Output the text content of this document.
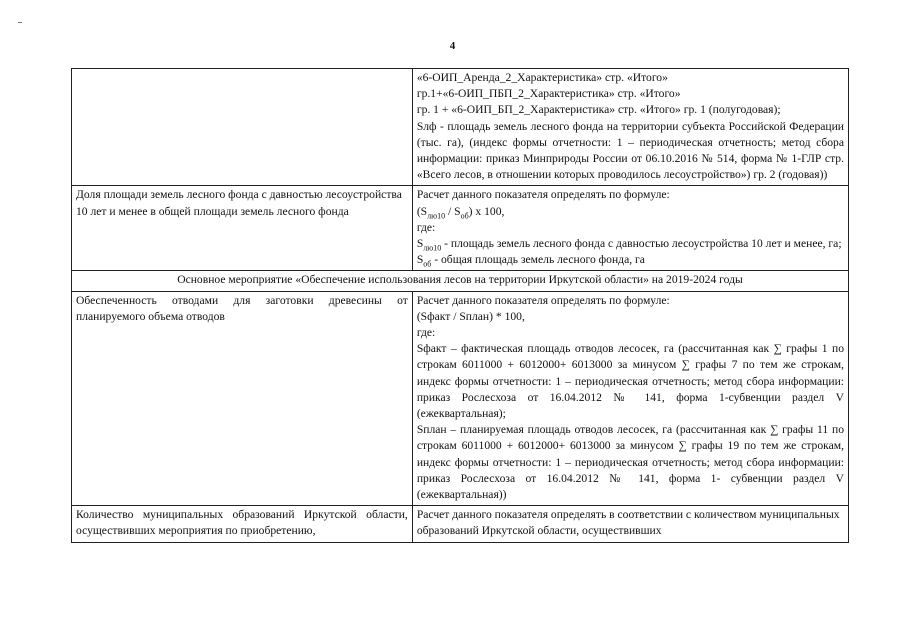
4

	«6-ОИП_Аренда_2_Характеристика» стр. «Итого»
гр.1+«6-ОИП_ПБП_2_Характеристика» стр. «Итого»
гр. 1 + «6-ОИП_БП_2_Характеристика» стр. «Итого» гр. 1 (полугодовая);
Sлф - площадь земель лесного фонда на территории субъекта Российской Федерации (тыс. га), (индекс формы отчетности: 1 – периодическая отчетность; метод сбора информации: приказ Минприроды России от 06.10.2016 № 514, форма № 1-ГЛР стр. «Всего лесов, в отношении которых проводилось лесоустройство») гр. 2 (годовая))

Доля площади земель лесного фонда с давностью лесоустройства 10 лет и менее в общей площади земель лесного фонда	Расчет данного показателя определять по формуле:
$(S_{лю10} / S_{об})$ x 100,
где:
$S_{лю10}$ - площадь земель лесного фонда с давностью лесоустройства 10 лет и менее, га;
$S_{об}$ - общая площадь земель лесного фонда, га

Основное мероприятие «Обеспечение использования лесов на территории Иркутской области» на 2019-2024 годы	
Обеспеченность отводами для заготовки древесины от планируемого объема отводов	Расчет данного показателя определять по формуле:
(Sфакт / Sплан) * 100,
где:
Sфакт – фактическая площадь отводов лесосек, га (рассчитанная как ∑ графы 1 по строкам 6011000 + 6012000+ 6013000 за минусом ∑ графы 7 по тем же строкам, индекс формы отчетности: 1 – периодическая отчетность; метод сбора информации: приказ Рослесхоза от 16.04.2012 № 141, форма 1-субвенции раздел V (ежеквартальная);
Sплан – планируемая площадь отводов лесосек, га (рассчитанная как ∑ графы 11 по строкам 6011000 + 6012000+ 6013000 за минусом ∑ графы 19 по тем же строкам, индекс формы отчетности: 1 – периодическая отчетность; метод сбора информации: приказ Рослесхоза от 16.04.2012 № 141, форма 1- субвенции раздел V (ежеквартальная))

Количество муниципальных образований Иркутской области, осуществивших мероприятия по приобретению,	Расчет данного показателя определять в соответствии с количеством муниципальных образований Иркутской области, осуществивших
